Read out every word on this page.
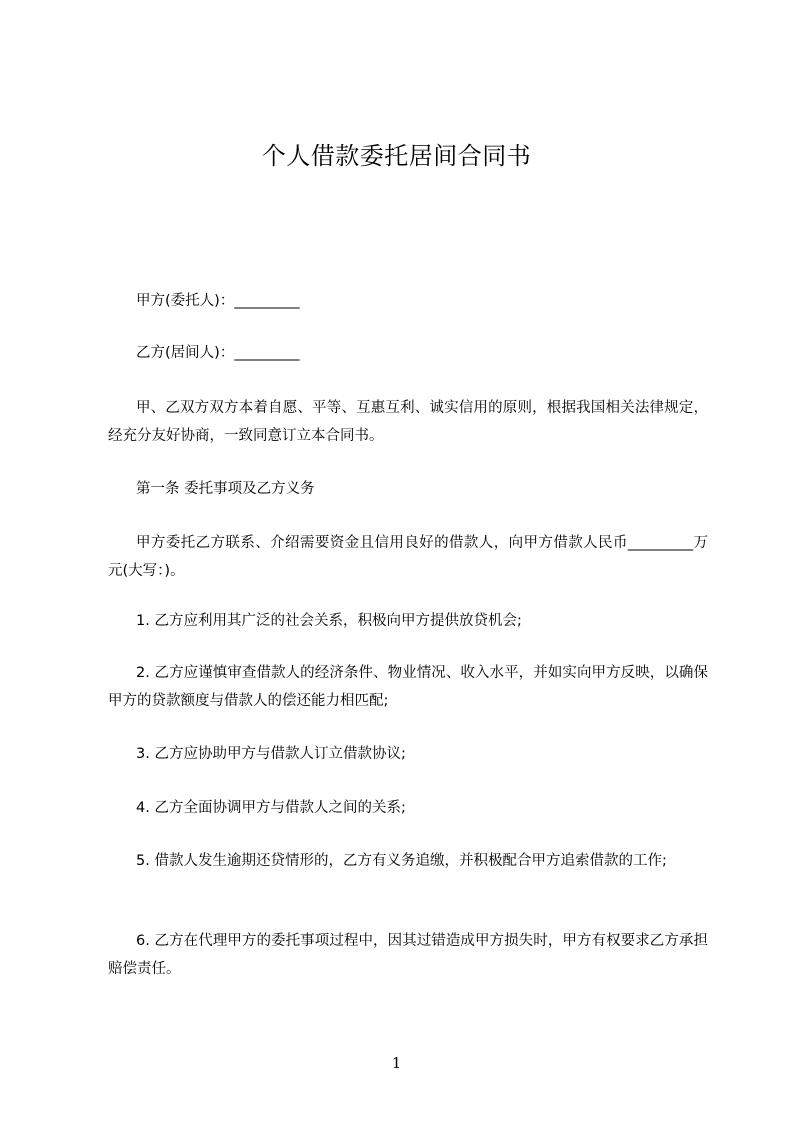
个人借款委托居间合同书
甲方(委托人)：_________
乙方(居间人)：_________
甲、乙双方双方本着自愿、平等、互惠互利、诚实信用的原则，根据我国相关法律规定，经充分友好协商，一致同意订立本合同书。
第一条 委托事项及乙方义务
甲方委托乙方联系、介绍需要资金且信用良好的借款人，向甲方借款人民币_________万元(大写：)。
1. 乙方应利用其广泛的社会关系，积极向甲方提供放贷机会;
2. 乙方应谨慎审查借款人的经济条件、物业情况、收入水平，并如实向甲方反映，以确保甲方的贷款额度与借款人的偿还能力相匹配;
3. 乙方应协助甲方与借款人订立借款协议;
4. 乙方全面协调甲方与借款人之间的关系;
5. 借款人发生逾期还贷情形的，乙方有义务追缴，并积极配合甲方追索借款的工作;
6. 乙方在代理甲方的委托事项过程中，因其过错造成甲方损失时，甲方有权要求乙方承担赔偿责任。
1
